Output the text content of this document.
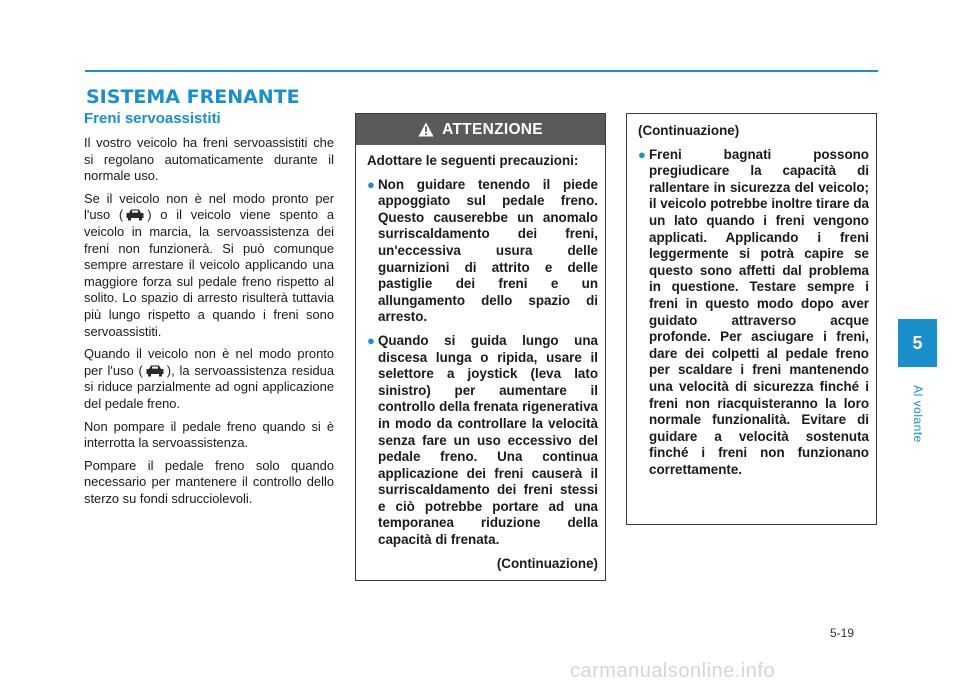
SISTEMA FRENANTE
Freni servoassistiti

Il vostro veicolo ha freni servoassistiti che si regolano automaticamente durante il normale uso.

Se il veicolo non è nel modo pronto per l'uso ( ) o il veicolo viene spento a veicolo in marcia, la servoassistenza dei freni non funzionerà. Si può comunque sempre arrestare il veicolo applicando una maggiore forza sul pedale freno rispetto al solito. Lo spazio di arresto risulterà tuttavia più lungo rispetto a quando i freni sono servoassistiti.

Quando il veicolo non è nel modo pronto per l'uso ( ), la servoassistenza residua si riduce parzialmente ad ogni applicazione del pedale freno.

Non pompare il pedale freno quando si è interrotta la servoassistenza.

Pompare il pedale freno solo quando necessario per mantenere il controllo dello sterzo su fondi sdrucciolevoli.

ATTENZIONE

Adottare le seguenti precauzioni:

● Non guidare tenendo il piede appoggiato sul pedale freno. Questo causerebbe un anomalo surriscaldamento dei freni, un'eccessiva usura delle guarnizioni di attrito e delle pastiglie dei freni e un allungamento dello spazio di arresto.
● Quando si guida lungo una discesa lunga o ripida, usare il selettore a joystick (leva lato sinistro) per aumentare il controllo della frenata rigenerativa in modo da controllare la velocità senza fare un uso eccessivo del pedale freno. Una continua applicazione dei freni causerà il surriscaldamento dei freni stessi e ciò potrebbe portare ad una temporanea riduzione della capacità di frenata.

(Continuazione)

(Continuazione)

● Freni bagnati possono pregiudicare la capacità di rallentare in sicurezza del veicolo; il veicolo potrebbe inoltre tirare da un lato quando i freni vengono applicati. Applicando i freni leggermente si potrà capire se questo sono affetti dal problema in questione. Testare sempre i freni in questo modo dopo aver guidato attraverso acque profonde. Per asciugare i freni, dare dei colpetti al pedale freno per scaldare i freni mantenendo una velocità di sicurezza finché i freni non riacquisteranno la loro normale funzionalità. Evitare di guidare a velocità sostenuta finché i freni non funzionano correttamente.
5
Al volante
5-19
carmanualsonline.info
